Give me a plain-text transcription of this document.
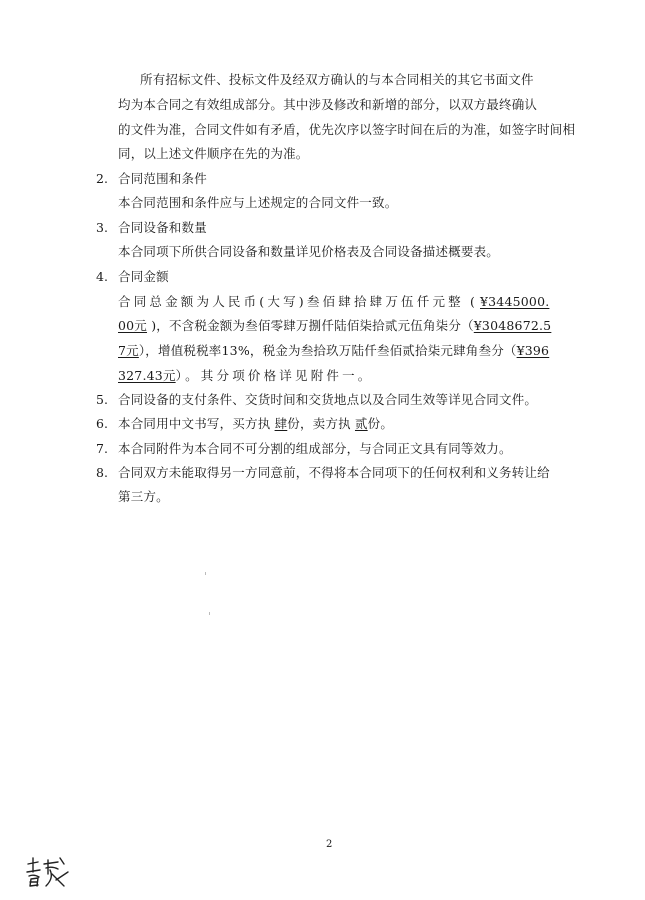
所有招标文件、投标文件及经双方确认的与本合同相关的其它书面文件
均为本合同之有效组成部分。其中涉及修改和新增的部分，以双方最终确认
的文件为准，合同文件如有矛盾，优先次序以签字时间在后的为准，如签字时间相
同，以上述文件顺序在先的为准。
2. 合同范围和条件
本合同范围和条件应与上述规定的合同文件一致。
3. 合同设备和数量
本合同项下所供合同设备和数量详见价格表及合同设备描述概要表。
4. 合同金额
合同总金额为人民币(大写)叁佰肆拾肆万伍仟元整 ( ¥3445000.
00元 )，不含税金额为叁佰零肆万捌仟陆佰柒拾贰元伍角柒分（¥3048672.5
7元），增值税税率13%，税金为叁拾玖万陆仟叁佰贰拾柒元肆角叁分（¥396
327.43元）。其分项价格详见附件一。
5. 合同设备的支付条件、交货时间和交货地点以及合同生效等详见合同文件。
6. 本合同用中文书写，买方执 肆份，卖方执 贰份。
7. 本合同附件为本合同不可分割的组成部分，与合同正文具有同等效力。
8. 合同双方未能取得另一方同意前，不得将本合同项下的任何权利和义务转让给
第三方。
2
